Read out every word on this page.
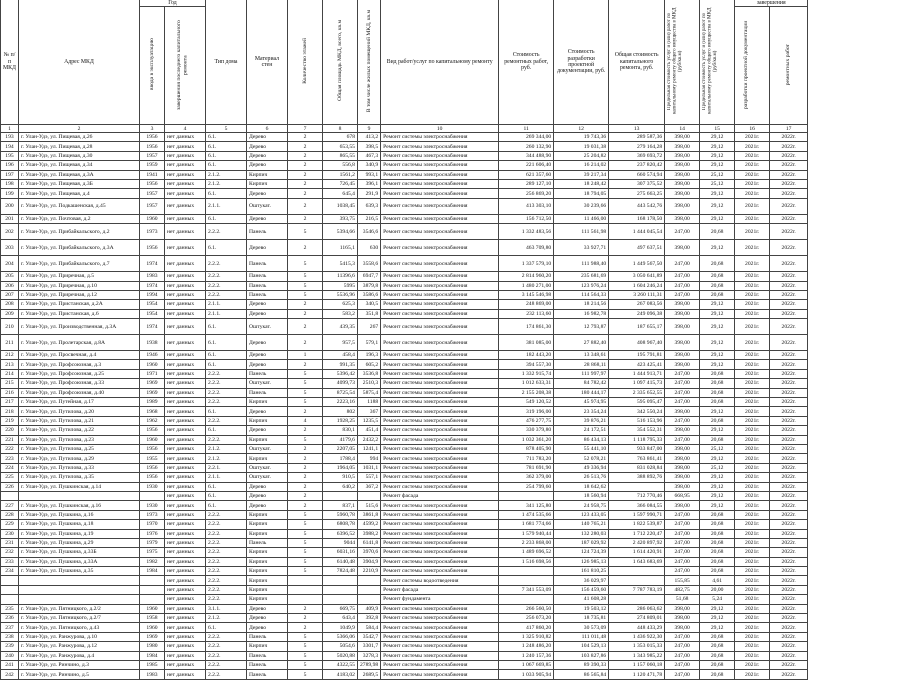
№ п/п МКД	Адрес МКД	Год		Тип дома	Материал стен	Количество этажей	Общая площадь МКД, всего, кв.м	В том числе жилых помещений МКД, кв.м	Вид работ/услуг по капитальному ремонту	Стоимость ремонтных работ, руб.	Стоимость разработки проектной документации, руб.	Общая стоимость капитального ремонта, руб.	Предельная стоимость услуг и (или) работ по капитальному ремонту общего имущества в МКД (руб/кв.м)	Предельная стоимость услуг и (или) работ по капитальному ремонту общего имущества в МКД (руб/кв.м)	завершения	
		ввода в эксплуатацию	завершения последнего капитального ремонта												разработки проектной документации	ремонтных работ
1	2	3	4	5	6	7	8	9	10	11	12	13	14	15	16	17
193	г. Улан-Удэ, ул. Пищевая, д.26	1956	нет данных	6.1.	Дерево	2	678	413,2	Ремонт системы электроснабжения	269 344,00	19 743,36	289 587,36	398,00	29,12	2021г.	2022г.
194	г. Улан-Удэ, ул. Пищевая, д.28	1956	нет данных	6.1.	Дерево	2	653,55	398,5	Ремонт системы электроснабжения	260 132,90	19 031,38	279 164,28	398,00	29,12	2021г.	2022г.
195	г. Улан-Удэ, ул. Пищевая, д.30	1957	нет данных	6.1.	Дерево	2	865,55	467,3	Ремонт системы электроснабжения	344 488,90	25 204,82	369 693,72	398,00	29,12	2021г.	2022г.
196	г. Улан-Удэ, ул. Пищевая, д.34	1959	нет данных	6.1.	Дерево	2	556,8	340,9	Ремонт системы электроснабжения	221 606,40	16 214,02	237 820,42	398,00	29,12	2021г.	2022г.
197	г. Улан-Удэ, ул. Пищевая, д.3А	1941	нет данных	2.1.2.	Кирпич	2	1561,2	993,1	Ремонт системы электроснабжения	621 357,60	39 217,34	660 574,94	398,00	25,12	2021г.	2022г.
198	г. Улан-Удэ, ул. Пищевая, д.3Б	1956	нет данных	2.1.2.	Кирпич	2	726,45	396,1	Ремонт системы электроснабжения	289 127,10	18 248,42	307 375,52	398,00	25,12	2021г.	2022г.
199	г. Улан-Удэ, ул. Пищевая, д.4	1957	нет данных	6.1.	Дерево	2	645,4	291,9	Ремонт системы электроснабжения	256 869,20	18 794,05	275 663,25	398,00	29,12	2021г.	2022г.
200	г. Улан-Удэ, ул. Подкашенская, д.45	1957	нет данных	2.1.1.	Оштукат.	2	1038,45	639,3	Ремонт системы электроснабжения	413 303,10	30 239,66	443 542,76	398,00	29,12	2021г.	2022г.
201	г. Улан-Удэ, ул. Почтовая, д.2	1960	нет данных	6.1.	Дерево	2	393,75	216,5	Ремонт системы электроснабжения	156 712,50	11 466,00	168 178,50	398,00	29,12	2021г.	2022г.
202	г. Улан-Удэ, ул. Прибайкальского, д.2	1973	нет данных	2.2.2.	Панель	5	5394,66	3546,6	Ремонт системы электроснабжения	1 332 483,56	111 561,98	1 444 045,54	247,00	20,68	2021г.	2022г.
203	г. Улан-Удэ, ул. Прибайкальского, д.3А	1956	нет данных	6.1.	Дерево	2	1165,1	630	Ремонт системы электроснабжения	463 709,80	33 927,71	497 637,51	398,00	29,12	2021г.	2022г.
204	г. Улан-Удэ, ул. Прибайкальского, д.7	1974	нет данных	2.2.2.	Панель	5	5415,3	3558,6	Ремонт системы электроснабжения	1 337 579,10	111 988,40	1 449 567,50	247,00	20,68	2021г.	2022г.
205	г. Улан-Удэ, ул. Приречная, д.5	1983	нет данных	2.2.2.	Панель	5	11396,6	6947,7	Ремонт системы электроснабжения	2 814 960,20	235 681,69	3 050 641,89	247,00	20,68	2021г.	2022г.
206	г. Улан-Удэ, ул. Приречная, д.10	1974	нет данных	2.2.2.	Панель	5	5995	3879,8	Ремонт системы электроснабжения	1 480 271,00	123 976,24	1 604 246,24	247,00	20,68	2021г.	2022г.
207	г. Улан-Удэ, ул. Приречная, д.12	1994	нет данных	2.2.2.	Панель	5	5536,96	3586,6	Ремонт системы электроснабжения	3 145 546,98	114 564,33	3 260 111,31	247,00	20,68	2021г.	2022г.
208	г. Улан-Удэ, ул. Пристанская, д.2А	1954	нет данных	2.1.1.	Дерево	2	625,3	340,5	Ремонт системы электроснабжения	248 869,00	18 214,56	267 083,56	398,00	29,12	2021г.	2022г.
209	г. Улан-Удэ, ул. Пристанская, д.6	1954	нет данных	2.1.1.	Дерево	2	583,2	351,8	Ремонт системы электроснабжения	232 113,60	16 982,78	249 096,38	398,00	29,12	2021г.	2022г.
210	г. Улан-Удэ, ул. Производственная, д.3А	1974	нет данных	6.1.	Оштукат.	2	439,35	267	Ремонт системы электроснабжения	174 861,30	12 793,87	187 655,17	398,00	29,12	2021г.	2022г.
211	г. Улан-Удэ, ул. Пролетарская, д.8А	1938	нет данных	6.1.	Дерево	2	957,5	579,1	Ремонт системы электроснабжения	381 085,00	27 882,40	408 967,40	398,00	29,12	2021г.	2022г.
212	г. Улан-Удэ, ул. Просвечная, д.4	1946	нет данных	6.1.	Дерево	1	458,4	196,3	Ремонт системы электроснабжения	182 443,20	13 348,61	195 791,81	398,00	29,12	2021г.	2022г.
213	г. Улан-Удэ, ул. Профсоюзная, д.3	1960	нет данных	6.1.	Дерево	2	991,35	605,2	Ремонт системы электроснабжения	394 557,30	28 868,11	423 425,41	398,00	29,12	2021г.	2022г.
214	г. Улан-Удэ, ул. Профсоюзная, д.25	1971	нет данных	2.2.2.	Панель	5	5396,42	3536,8	Ремонт системы электроснабжения	1 332 915,74	111 997,97	1 444 913,71	247,00	20,68	2021г.	2022г.
215	г. Улан-Удэ, ул. Профсоюзная, д.33	1969	нет данных	2.2.2.	Оштукат.	5	4099,73	2510,3	Ремонт системы электроснабжения	1 012 633,31	84 782,42	1 097 415,73	247,00	20,68	2021г.	2022г.
216	г. Улан-Удэ, ул. Профсоюзная, д.40	1969	нет данных	2.2.2.	Панель	5	8725,54	5875,4	Ремонт системы электроснабжения	2 155 208,38	180 444,17	2 335 652,55	247,00	20,68	2021г.	2022г.
217	г. Улан-Удэ, ул. Путейная, д.17	1989	нет данных	2.2.2.	Кирпич	5	2223,16	1188	Ремонт системы электроснабжения	549 120,52	45 974,95	595 095,47	247,00	20,68	2021г.	2022г.
218	г. Улан-Удэ, ул. Путилова, д.20	1968	нет данных	6.1.	Дерево	2	802	367	Ремонт системы электроснабжения	319 196,00	23 354,24	342 550,24	398,00	29,12	2021г.	2022г.
219	г. Улан-Удэ, ул. Путилова, д.21	1962	нет данных	2.2.2.	Кирпич	4	1928,25	1235,5	Ремонт системы электроснабжения	476 277,75	39 876,21	516 153,96	247,00	20,68	2021г.	2022г.
220	г. Улан-Удэ, ул. Путилова, д.22	1956	нет данных	6.1.	Дерево	2	830,1	451,4	Ремонт системы электроснабжения	330 379,80	24 172,51	354 552,31	398,00	29,12	2021г.	2022г.
221	г. Улан-Удэ, ул. Путилова, д.23	1960	нет данных	2.2.2.	Кирпич	5	4179,6	2432,2	Ремонт системы электроснабжения	1 032 361,20	86 434,13	1 118 795,33	247,00	20,68	2021г.	2022г.
222	г. Улан-Удэ, ул. Путилова, д.25	1956	нет данных	2.1.2.	Оштукат.	2	2207,05	1241,1	Ремонт системы электроснабжения	878 405,90	55 441,10	933 847,00	398,00	25,12	2021г.	2022г.
223	г. Улан-Удэ, ул. Путилова, д.29	1955	нет данных	2.1.2.	Кирпич	2	1788,4	994	Ремонт системы электроснабжения	711 783,20	52 078,21	763 861,41	398,00	29,12	2021г.	2022г.
224	г. Улан-Удэ, ул. Путилова, д.33	1956	нет данных	2.2.1.	Оштукат.	2	1964,05	1031,1	Ремонт системы электроснабжения	781 691,90	49 336,94	831 028,84	398,00	25,12	2021г.	2022г.
225	г. Улан-Удэ, ул. Путилова, д.35	1956	нет данных	2.1.1.	Оштукат.	2	910,5	557,1	Ремонт системы электроснабжения	362 379,00	26 513,76	388 892,76	398,00	29,12	2021г.	2022г.
226	г. Улан-Удэ, ул. Пушкинская, д.14	1930	нет данных	6.1.	Дерево	2	640,2	367,2	Ремонт системы электроснабжения	254 799,60	18 642,62		398,00	29,12	2021г.	2022г.
			нет данных	6.1.	Дерево	2			Ремонт фасада		18 560,94	712 770,46	668,95	29,12	2021г.	2022г.
227	г. Улан-Удэ, ул. Пушкинская, д.16	1930	нет данных	6.1.	Дерево	2	837,1	515,6	Ремонт системы электроснабжения	341 125,80	24 958,75	366 084,55	398,00	29,12	2021г.	2022г.
228	г. Улан-Удэ, ул. Пушкина, д.16	1973	нет данных	2.2.2.	Кирпич	5	5960,78	3861,8	Ремонт системы электроснабжения	1 474 535,66	123 433,05	1 597 990,71	247,00	20,68	2021г.	2022г.
229	г. Улан-Удэ, ул. Пушкина, д.18	1970	нет данных	2.2.2.	Кирпич	5	6808,78	4599,2	Ремонт системы электроснабжения	1 681 774,66	140 765,21	1 822 539,87	247,00	20,68	2021г.	2022г.
230	г. Улан-Удэ, ул. Пушкина, д.19	1976	нет данных	2.2.2.	Кирпич	5	6396,52	3988,2	Ремонт системы электроснабжения	1 579 940,44	132 280,03	1 712 220,47	247,00	20,68	2021г.	2022г.
231	г. Улан-Удэ, ул. Пушкина, д.29	1979	нет данных	2.2.2.	Панель	5	9044	6141,8	Ремонт системы электроснабжения	2 233 868,00	187 029,92	2 420 897,92	247,00	20,68	2021г.	2022г.
232	г. Улан-Удэ, ул. Пушкина, д.33Б	1975	нет данных	2.2.2.	Кирпич	5	6031,16	3970,6	Ремонт системы электроснабжения	1 489 696,52	124 724,39	1 614 420,91	247,00	20,68	2021г.	2022г.
233	г. Улан-Удэ, ул. Пушкина, д.33А	1982	нет данных	2.2.2.	Кирпич	5	6140,48	3904,9	Ремонт системы электроснабжения	1 516 698,56	126 985,13	1 643 683,69	247,00	20,68	2021г.	2022г.
234	г. Улан-Удэ, ул. Пушкина, д.35	1984	нет данных	2.2.2.	Кирпич	5	7824,48	2210,9	Ремонт системы электроснабжения		161 810,25		247,00	20,68	2021г.	2022г.
			нет данных	2.2.2.	Кирпич				Ремонт системы водоотведения		36 029,97		155,85	4,61	2021г.	2022г.
			нет данных	2.2.2.	Кирпич				Ремонт фасада	7 341 553,09	156 459,60	7 787 783,19	482,75	20,00	2021г.	2022г.
			нет данных	2.2.2.	Кирпич				Ремонт фундамента		41 608,28		51,68	5,24	2021г.	2022г.
235	г. Улан-Удэ, ул. Пятницкого, д.2/2	1960	нет данных	3.1.1.	Дерево	2	669,75	409,9	Ремонт системы электроснабжения	266 560,50	19 503,12	286 063,62	398,00	29,12	2021г.	2022г.
236	г. Улан-Удэ, ул. Пятницкого, д.2/7	1958	нет данных	2.1.2.	Дерево	2	643,4	392,8	Ремонт системы электроснабжения	256 073,20	18 735,81	274 809,01	398,00	29,12	2021г.	2022г.
237	г. Улан-Удэ, ул. Пятницкого, д.43	1960	нет данных	6.1.	Дерево	2	1049,9	584,4	Ремонт системы электроснабжения	417 860,20	30 573,09	448 433,29	398,00	29,12	2021г.	2022г.
238	г. Улан-Удэ, ул. Ранжурова, д.10	1969	нет данных	2.2.2.	Панель	5	5366,06	3542,7	Ремонт системы электроснабжения	1 325 910,82	111 011,48	1 436 922,30	247,00	20,68	2021г.	2022г.
239	г. Улан-Удэ, ул. Ранжурова, д.12	1980	нет данных	2.2.2.	Кирпич	5	5054,6	3301,7	Ремонт системы электроснабжения	1 248 486,20	104 529,13	1 353 015,33	247,00	20,68	2021г.	2022г.
240	г. Улан-Удэ, ул. Ранжурова, д.4	1984	нет данных	2.2.2.	Панель	5	5020,88	3278,3	Ремонт системы электроснабжения	1 240 157,36	103 827,86	1 343 985,22	247,00	20,68	2021г.	2022г.
241	г. Улан-Удэ, ул. Ринчино, д.3	1985	нет данных	2.2.2.	Панель	5	4322,55	2789,98	Ремонт системы электроснабжения	1 067 669,85	89 390,33	1 157 060,18	247,00	20,68	2021г.	2022г.
242	г. Улан-Удэ, ул. Ринчино, д.5	1983	нет данных	2.2.2.	Панель	5	4183,02	2689,5	Ремонт системы электроснабжения	1 033 905,94	86 565,84	1 120 471,78	247,00	20,68	2021г.	2022г.
